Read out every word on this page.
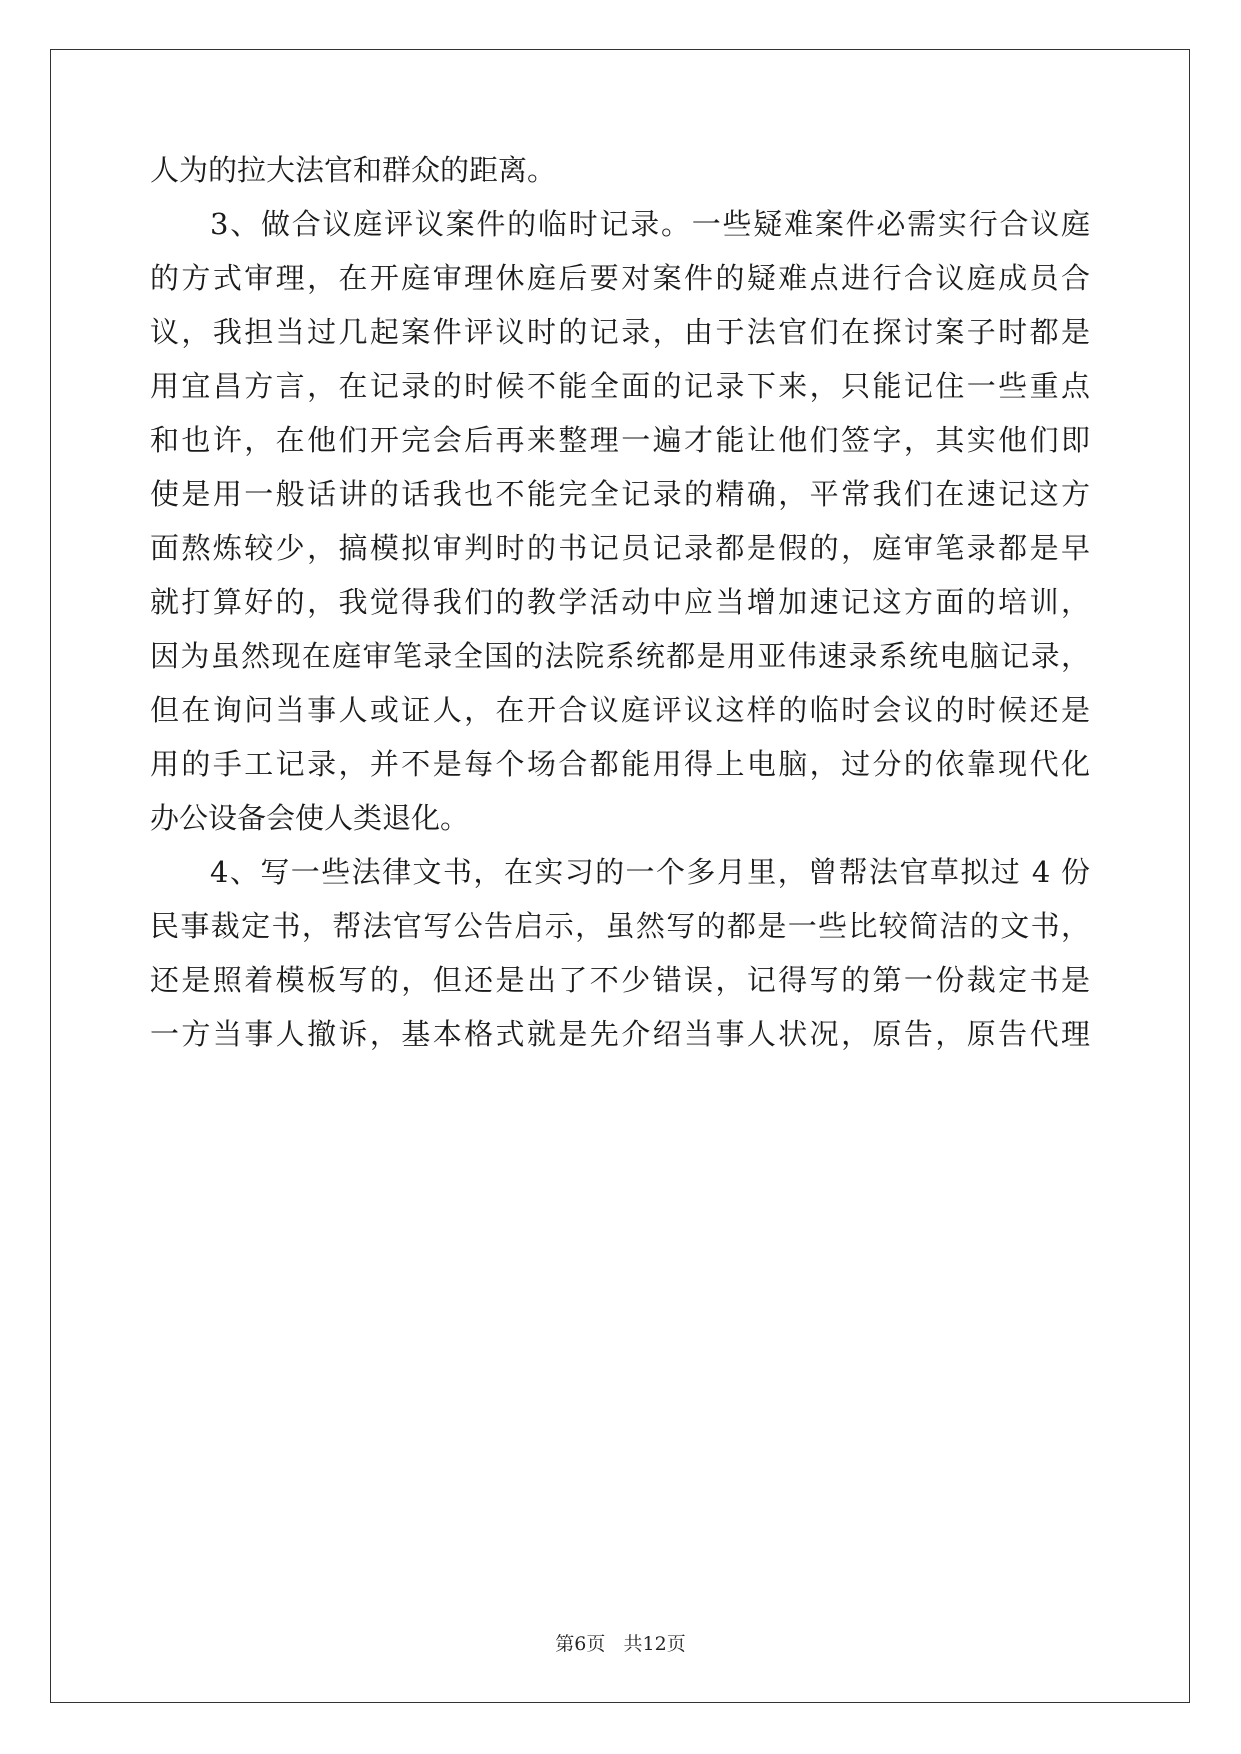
人为的拉大法官和群众的距离。
3、做合议庭评议案件的临时记录。一些疑难案件必需实行合议庭
的方式审理，在开庭审理休庭后要对案件的疑难点进行合议庭成员合
议，我担当过几起案件评议时的记录，由于法官们在探讨案子时都是
用宜昌方言，在记录的时候不能全面的记录下来，只能记住一些重点
和也许，在他们开完会后再来整理一遍才能让他们签字，其实他们即
使是用一般话讲的话我也不能完全记录的精确，平常我们在速记这方
面熬炼较少，搞模拟审判时的书记员记录都是假的，庭审笔录都是早
就打算好的，我觉得我们的教学活动中应当增加速记这方面的培训，
因为虽然现在庭审笔录全国的法院系统都是用亚伟速录系统电脑记录，
但在询问当事人或证人，在开合议庭评议这样的临时会议的时候还是
用的手工记录，并不是每个场合都能用得上电脑，过分的依靠现代化
办公设备会使人类退化。
4、写一些法律文书，在实习的一个多月里，曾帮法官草拟过 4 份
民事裁定书，帮法官写公告启示，虽然写的都是一些比较简洁的文书，
还是照着模板写的，但还是出了不少错误，记得写的第一份裁定书是
一方当事人撤诉，基本格式就是先介绍当事人状况，原告，原告代理
第6页 共12页
